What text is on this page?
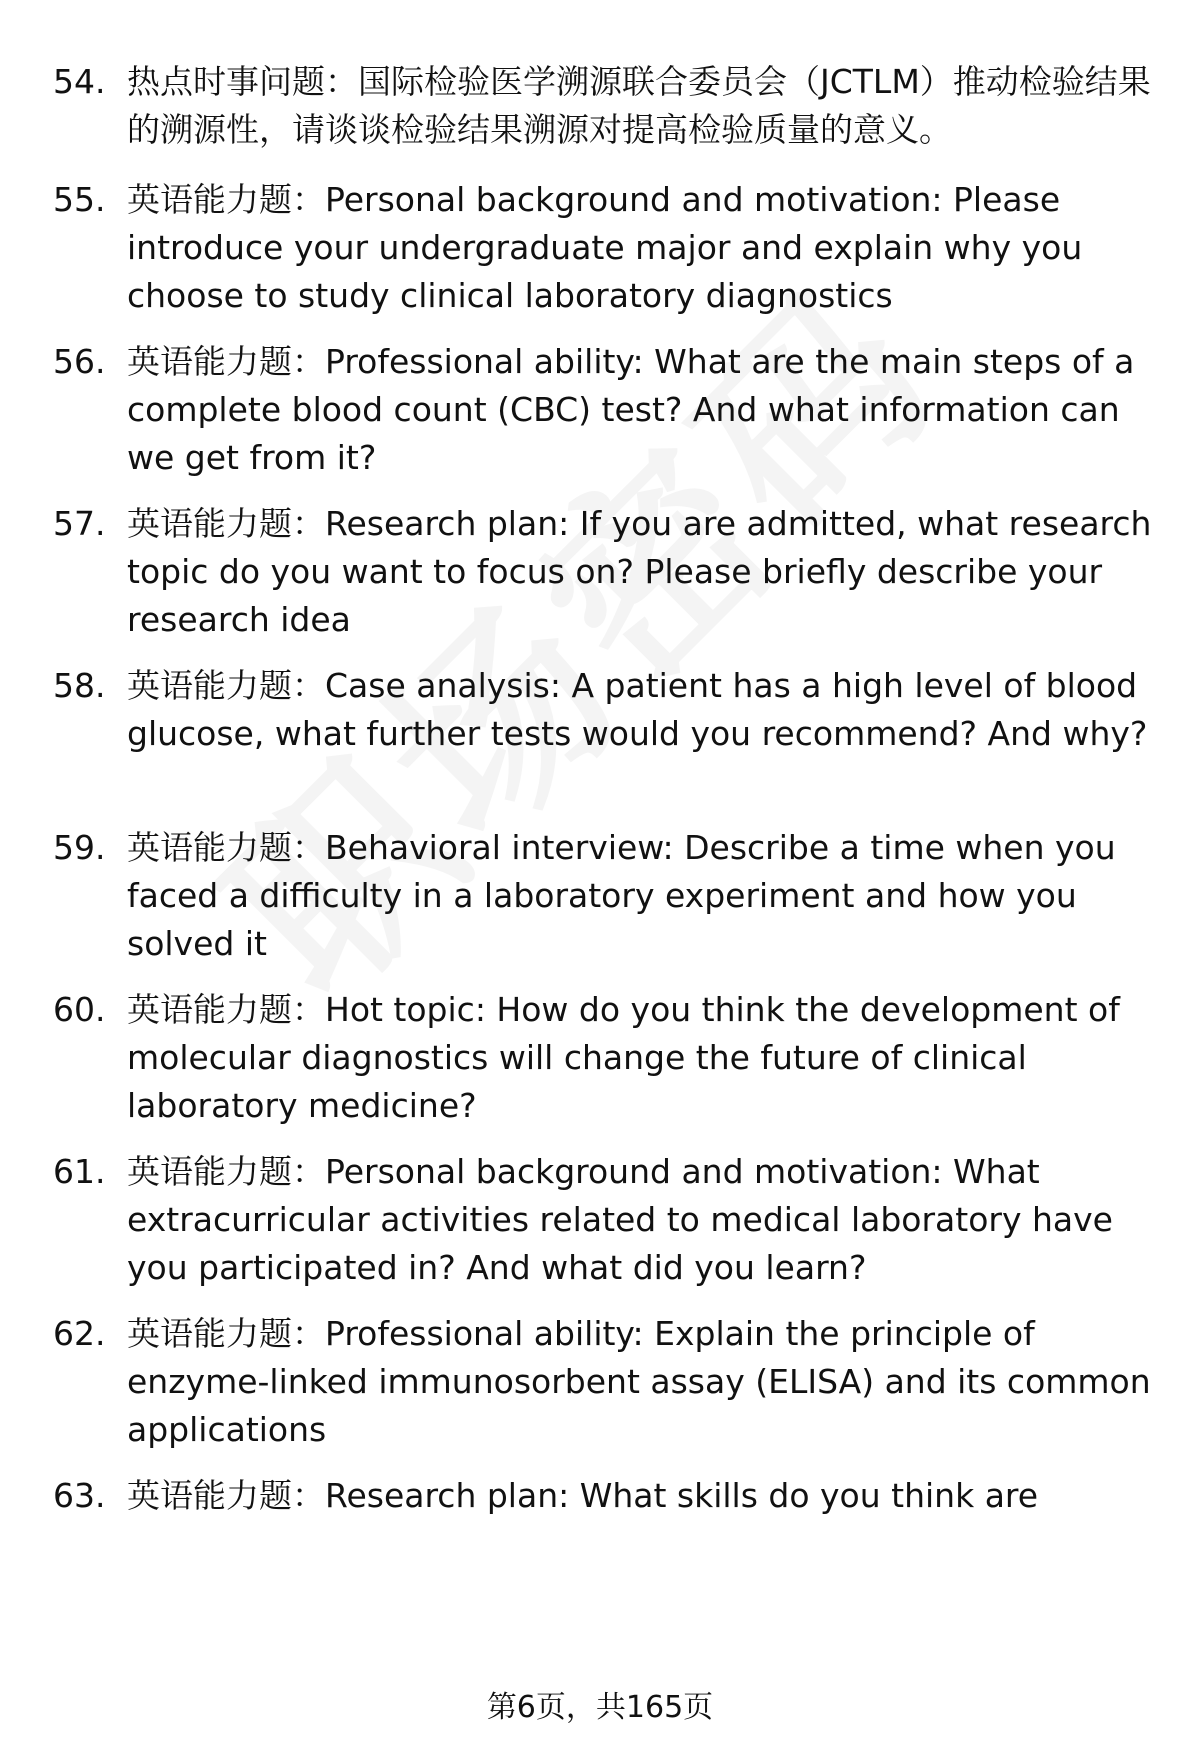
54. 热点时事问题：国际检验医学溯源联合委员会（JCTLM）推动检验结果的溯源性，请谈谈检验结果溯源对提高检验质量的意义。
55. 英语能力题：Personal background and motivation: Please introduce your undergraduate major and explain why you choose to study clinical laboratory diagnostics
56. 英语能力题：Professional ability: What are the main steps of a complete blood count (CBC) test? And what information can we get from it?
57. 英语能力题：Research plan: If you are admitted, what research topic do you want to focus on? Please briefly describe your research idea
58. 英语能力题：Case analysis: A patient has a high level of blood glucose, what further tests would you recommend? And why?
59. 英语能力题：Behavioral interview: Describe a time when you faced a difficulty in a laboratory experiment and how you solved it
60. 英语能力题：Hot topic: How do you think the development of molecular diagnostics will change the future of clinical laboratory medicine?
61. 英语能力题：Personal background and motivation: What extracurricular activities related to medical laboratory have you participated in? And what did you learn?
62. 英语能力题：Professional ability: Explain the principle of enzyme-linked immunosorbent assay (ELISA) and its common applications
63. 英语能力题：Research plan: What skills do you think are
第6页，共165页
